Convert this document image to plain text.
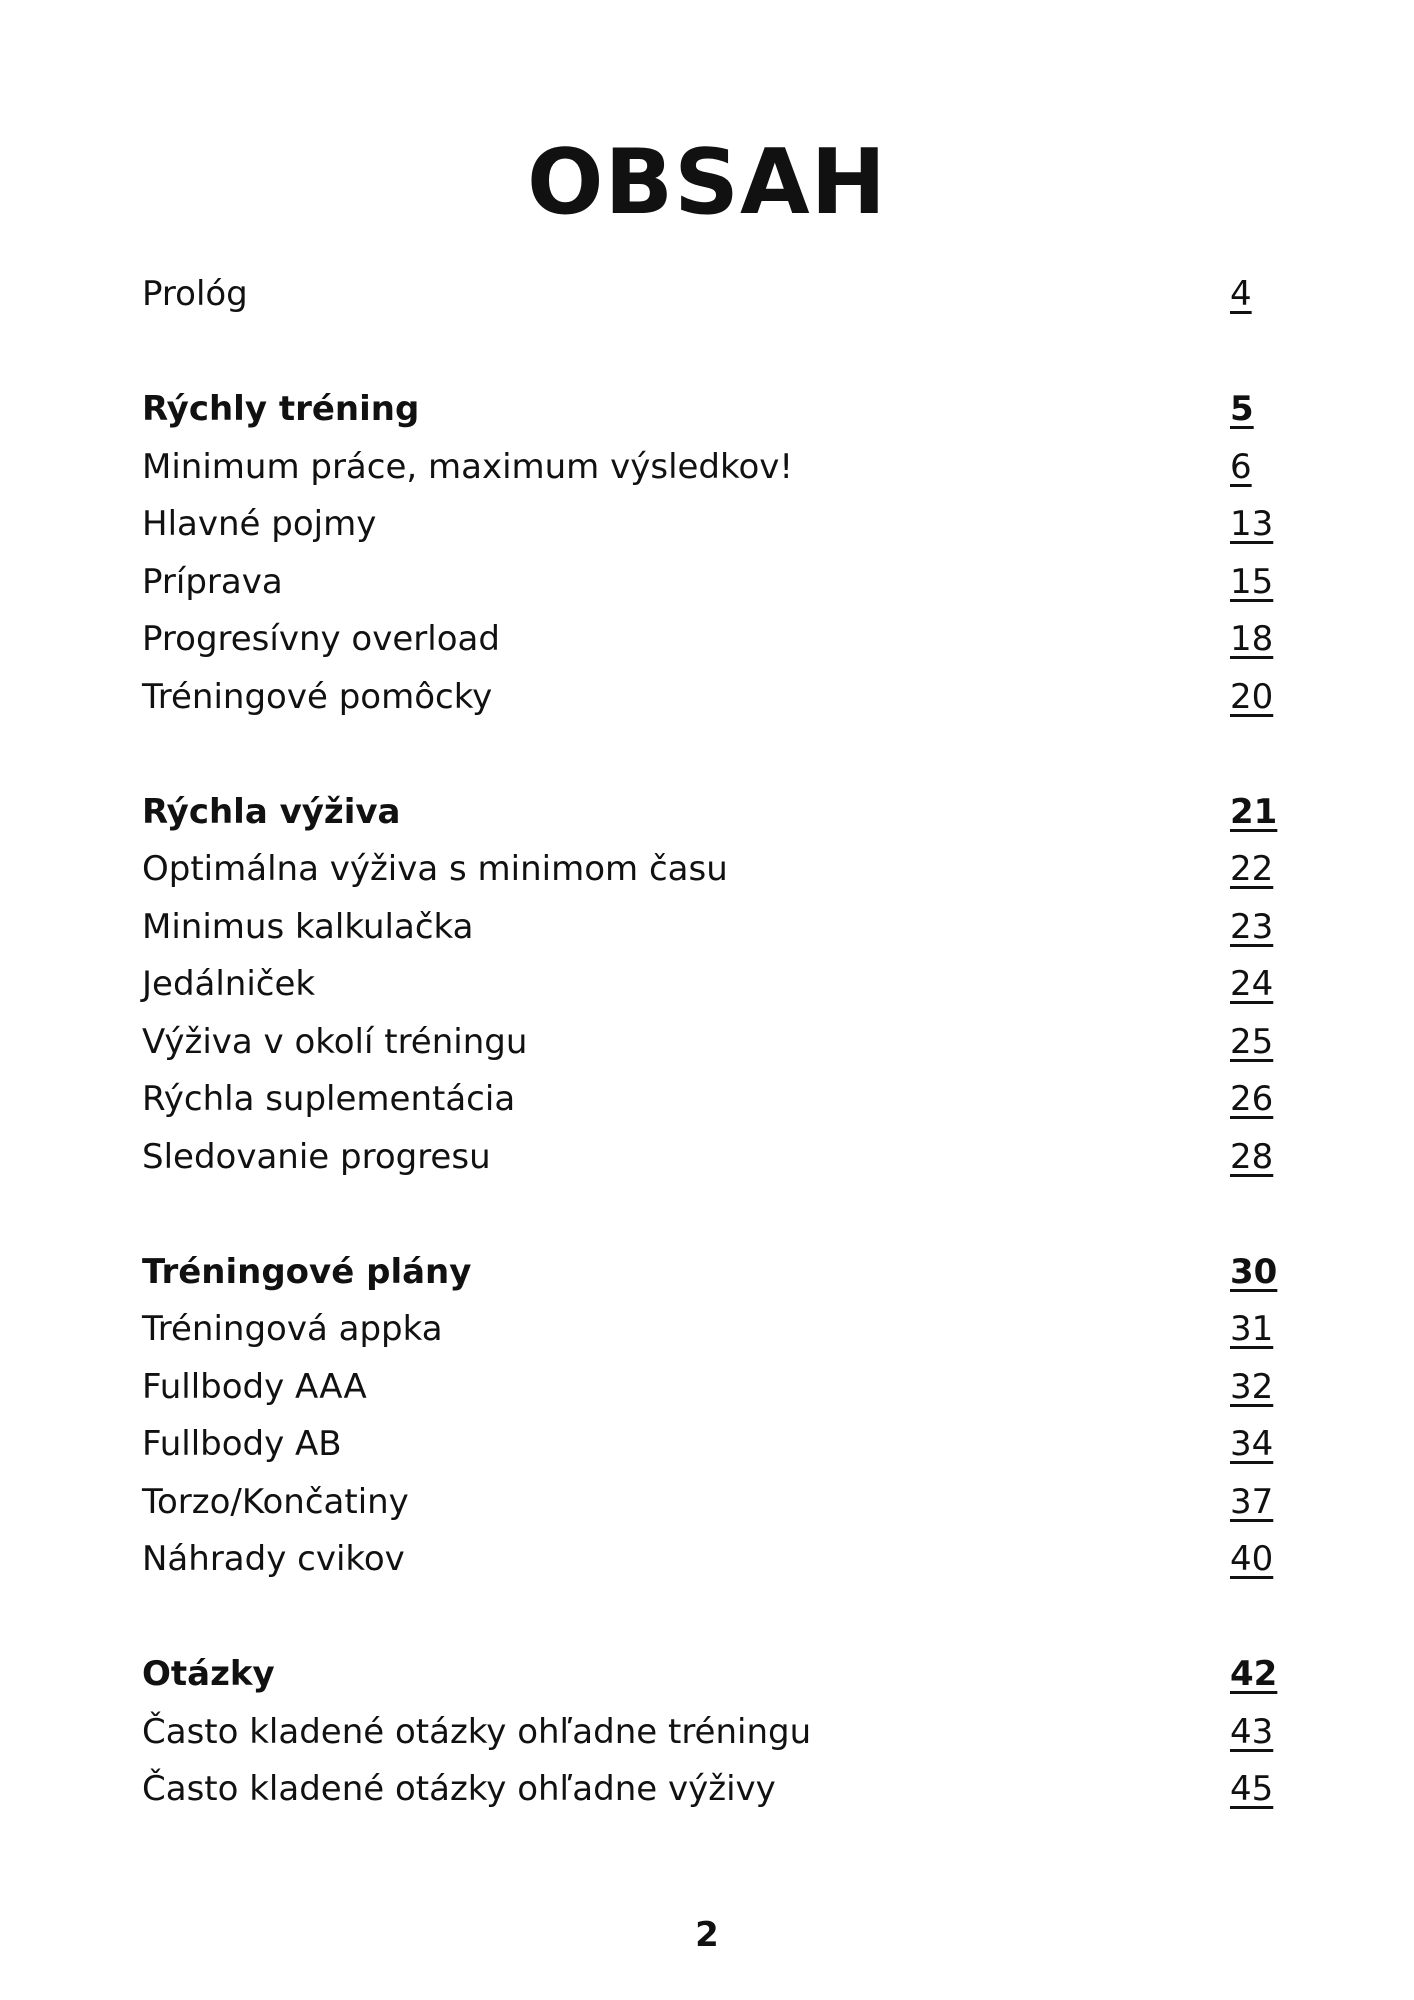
OBSAH
Prológ	4
Rýchly tréning	5
Minimum práce, maximum výsledkov!	6
Hlavné pojmy	13
Príprava	15
Progresívny overload	18
Tréningové pomôcky	20
Rýchla výživa	21
Optimálna výživa s minimom času	22
Minimus kalkulačka	23
Jedálniček	24
Výživa v okolí tréningu	25
Rýchla suplementácia	26
Sledovanie progresu	28
Tréningové plány	30
Tréningová appka	31
Fullbody AAA	32
Fullbody AB	34
Torzo/Končatiny	37
Náhrady cvikov	40
Otázky	42
Často kladené otázky ohľadne tréningu	43
Často kladené otázky ohľadne výživy	45
2
